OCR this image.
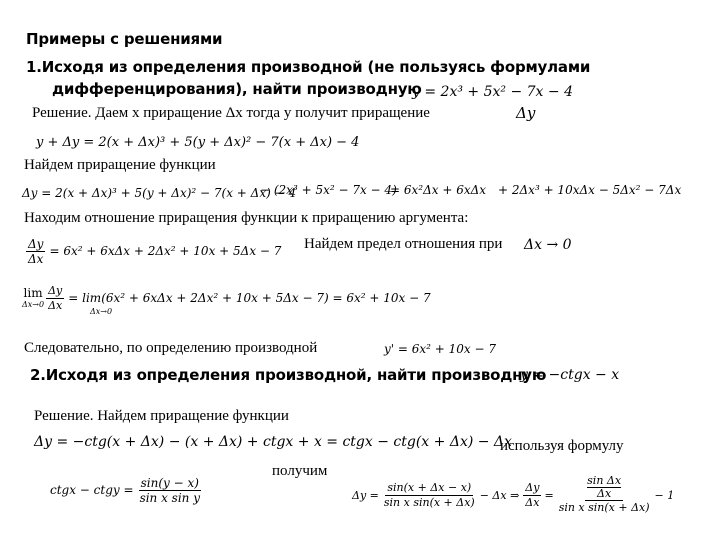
Примеры с решениями
1.Исходя из определения производной (не пользуясь формулами
дифференцирования), найти производную
y = 2x³ + 5x² − 7x − 4
Решение. Даем x приращение Δx тогда y получит приращение	Δy
y + Δy = 2(x + Δx)³ + 5(y + Δx)² − 7(x + Δx) − 4
Найдем приращение функции
Δy = 2(x + Δx)³ + 5(y + Δx)² − 7(x + Δx) − 4
− (2x³ + 5x² − 7x − 4)
= 6x²Δx + 6xΔx + 2Δx³ + 10xΔx − 5Δx² − 7Δx
Находим отношение приращения функции к приращению аргумента:
$\frac{\Delta y}{\Delta x} = 6x^2 + 6x\Delta x + 2\Delta x^2 + 10x + 5\Delta x - 7$ Найдем предел отношения при Δx → 0
lim
$\Delta x\to 0 \frac{\Delta y}{\Delta x} = \lim(6x^2 + 6x\Delta x + 2\Delta x^2 + 10x + 5\Delta x - 7) = 6x^2 + 10x - 7$
Δx→0
Следовательно, по определению производной	y' = 6x² + 10x − 7
2.Исходя из определения производной, найти производную
y = −ctgx − x
Решение. Найдем приращение функции
Δy = −ctg(x + Δx) − (x + Δx) + ctgx + x = ctgx − ctg(x + Δx) − Δx
используя формулу
получим
ctgx − ctgy = $\frac{\sin(y - x)}{\text{sin x sin y}}$	$\Delta y = \frac{\sin(x + \Delta x - x)}{\text{sin x sin(x + Δx)}} - \Delta x$ ⇒ $\frac{\Delta y}{\Delta x} = \sin \Delta x$
Δx
sin x sin(x + Δx) − 1
